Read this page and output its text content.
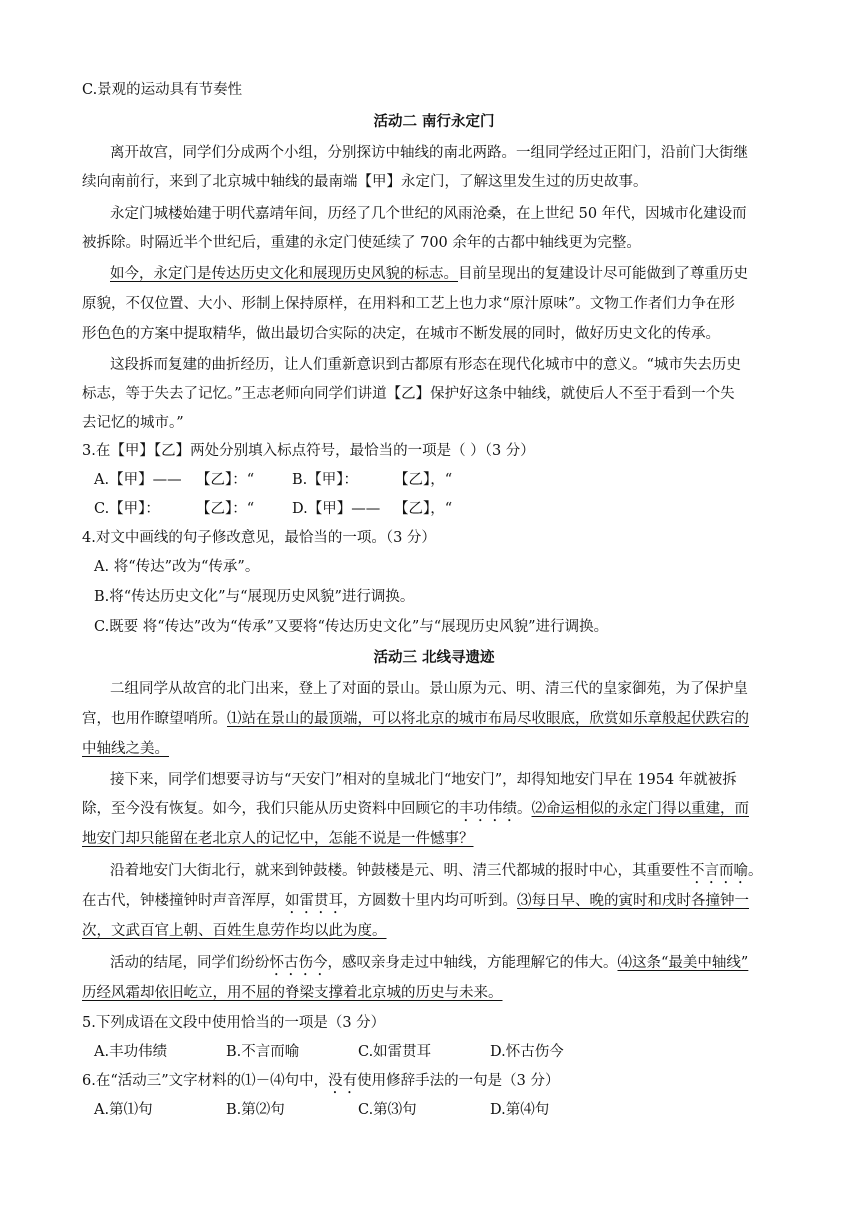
C.景观的运动具有节奏性
活动二 南行永定门
离开故宫，同学们分成两个小组，分别探访中轴线的南北两路。一组同学经过正阳门，沿前门大街继
续向南前行，来到了北京城中轴线的最南端【甲】永定门，了解这里发生过的历史故事。
永定门城楼始建于明代嘉靖年间，历经了几个世纪的风雨沧桑，在上世纪 50 年代，因城市化建设而
被拆除。时隔近半个世纪后，重建的永定门使延续了 700 余年的古都中轴线更为完整。
如今，永定门是传达历史文化和展现历史风貌的标志。目前呈现出的复建设计尽可能做到了尊重历史
原貌，不仅位置、大小、形制上保持原样，在用料和工艺上也力求“原汁原味”。文物工作者们力争在形
形色色的方案中提取精华，做出最切合实际的决定，在城市不断发展的同时，做好历史文化的传承。
这段拆而复建的曲折经历，让人们重新意识到古都原有形态在现代化城市中的意义。“城市失去历史
标志，等于失去了记忆。”王志老师向同学们讲道【乙】保护好这条中轴线，就使后人不至于看到一个失
去记忆的城市。”
3.在【甲】【乙】两处分别填入标点符号，最恰当的一项是（ ）（3 分）
A.【甲】—— 【乙】：“	B.【甲】： 【乙】，“
C.【甲】： 【乙】：“	D.【甲】—— 【乙】，“
4.对文中画线的句子修改意见，最恰当的一项。（3 分）
A. 将“传达”改为“传承”。
B.将“传达历史文化”与“展现历史风貌”进行调换。
C.既要 将“传达”改为“传承”又要将“传达历史文化”与“展现历史风貌”进行调换。
活动三 北线寻遗迹
二组同学从故宫的北门出来，登上了对面的景山。景山原为元、明、清三代的皇家御苑，为了保护皇
宫，也用作瞭望哨所。⑴站在景山的最顶端，可以将北京的城市布局尽收眼底，欣赏如乐章般起伏跌宕的
中轴线之美。
接下来，同学们想要寻访与“天安门”相对的皇城北门“地安门”，却得知地安门早在 1954 年就被拆
除，至今没有恢复。如今，我们只能从历史资料中回顾它的丰功伟绩。⑵命运相似的永定门得以重建，而
地安门却只能留在老北京人的记忆中，怎能不说是一件憾事？
沿着地安门大街北行，就来到钟鼓楼。钟鼓楼是元、明、清三代都城的报时中心，其重要性不言而喻。
在古代，钟楼撞钟时声音浑厚，如雷贯耳，方圆数十里内均可听到。⑶每日早、晚的寅时和戌时各撞钟一
次，文武百官上朝、百姓生息劳作均以此为度。
活动的结尾，同学们纷纷怀古伤今，感叹亲身走过中轴线，方能理解它的伟大。⑷这条“最美中轴线”
历经风霜却依旧屹立，用不屈的脊梁支撑着北京城的历史与未来。
5.下列成语在文段中使用恰当的一项是（3 分）
A.丰功伟绩	B.不言而喻	C.如雷贯耳	D.怀古伤今
6.在“活动三”文字材料的⑴－⑷句中，没有使用修辞手法的一句是（3 分）
A.第⑴句	B.第⑵句	C.第⑶句	D.第⑷句
